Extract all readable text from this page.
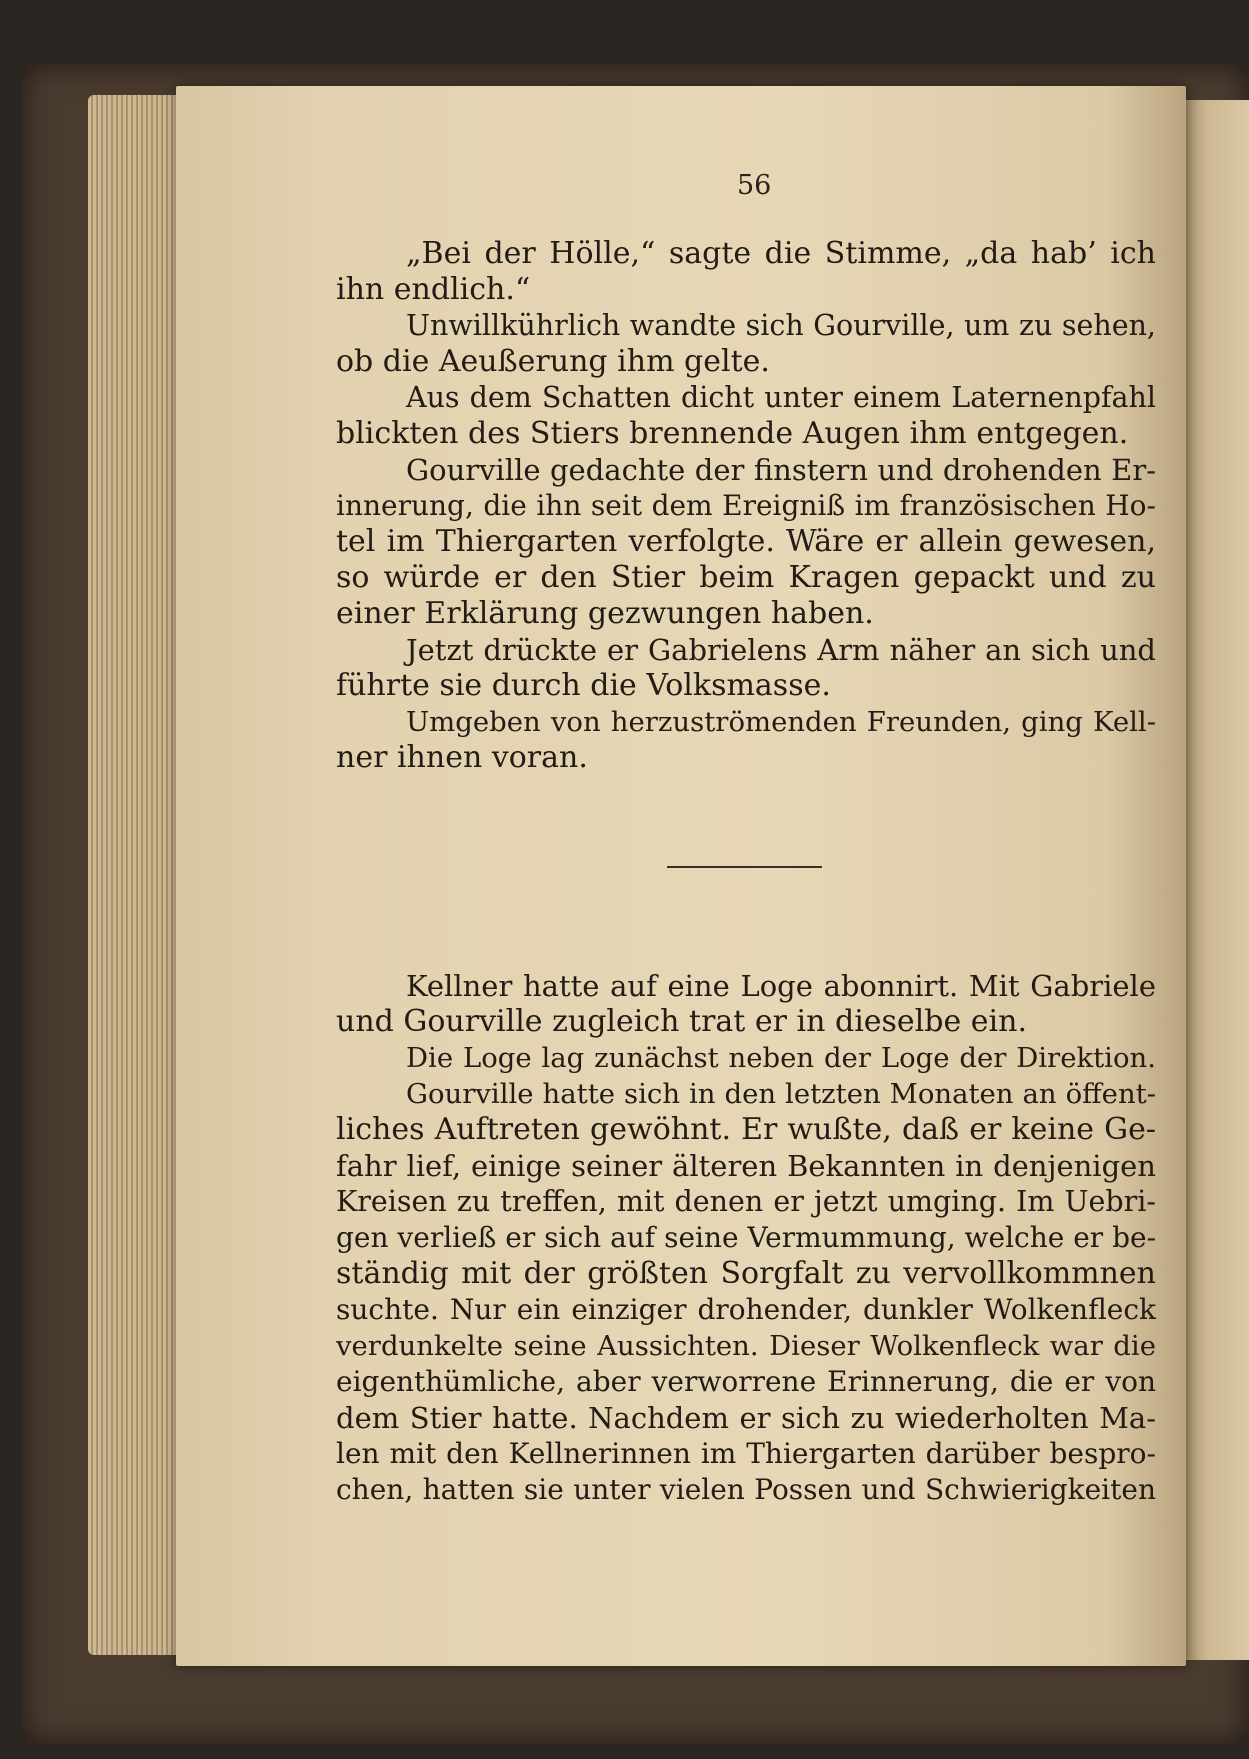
56
„Bei der Hölle,“ sagte die Stimme, „da hab’ ich
ihn endlich.“
Unwillkührlich wandte sich Gourville, um zu sehen,
ob die Aeußerung ihm gelte.
Aus dem Schatten dicht unter einem Laternenpfahl
blickten des Stiers brennende Augen ihm entgegen.
Gourville gedachte der finstern und drohenden Er-
innerung, die ihn seit dem Ereigniß im französischen Ho-
tel im Thiergarten verfolgte. Wäre er allein gewesen,
so würde er den Stier beim Kragen gepackt und zu
einer Erklärung gezwungen haben.
Jetzt drückte er Gabrielens Arm näher an sich und
führte sie durch die Volksmasse.
Umgeben von herzuströmenden Freunden, ging Kell-
ner ihnen voran.
Kellner hatte auf eine Loge abonnirt. Mit Gabriele
und Gourville zugleich trat er in dieselbe ein.
Die Loge lag zunächst neben der Loge der Direktion.
Gourville hatte sich in den letzten Monaten an öffent-
liches Auftreten gewöhnt. Er wußte, daß er keine Ge-
fahr lief, einige seiner älteren Bekannten in denjenigen
Kreisen zu treffen, mit denen er jetzt umging. Im Uebri-
gen verließ er sich auf seine Vermummung, welche er be-
ständig mit der größten Sorgfalt zu vervollkommnen
suchte. Nur ein einziger drohender, dunkler Wolkenfleck
verdunkelte seine Aussichten. Dieser Wolkenfleck war die
eigenthümliche, aber verworrene Erinnerung, die er von
dem Stier hatte. Nachdem er sich zu wiederholten Ma-
len mit den Kellnerinnen im Thiergarten darüber bespro-
chen, hatten sie unter vielen Possen und Schwierigkeiten
